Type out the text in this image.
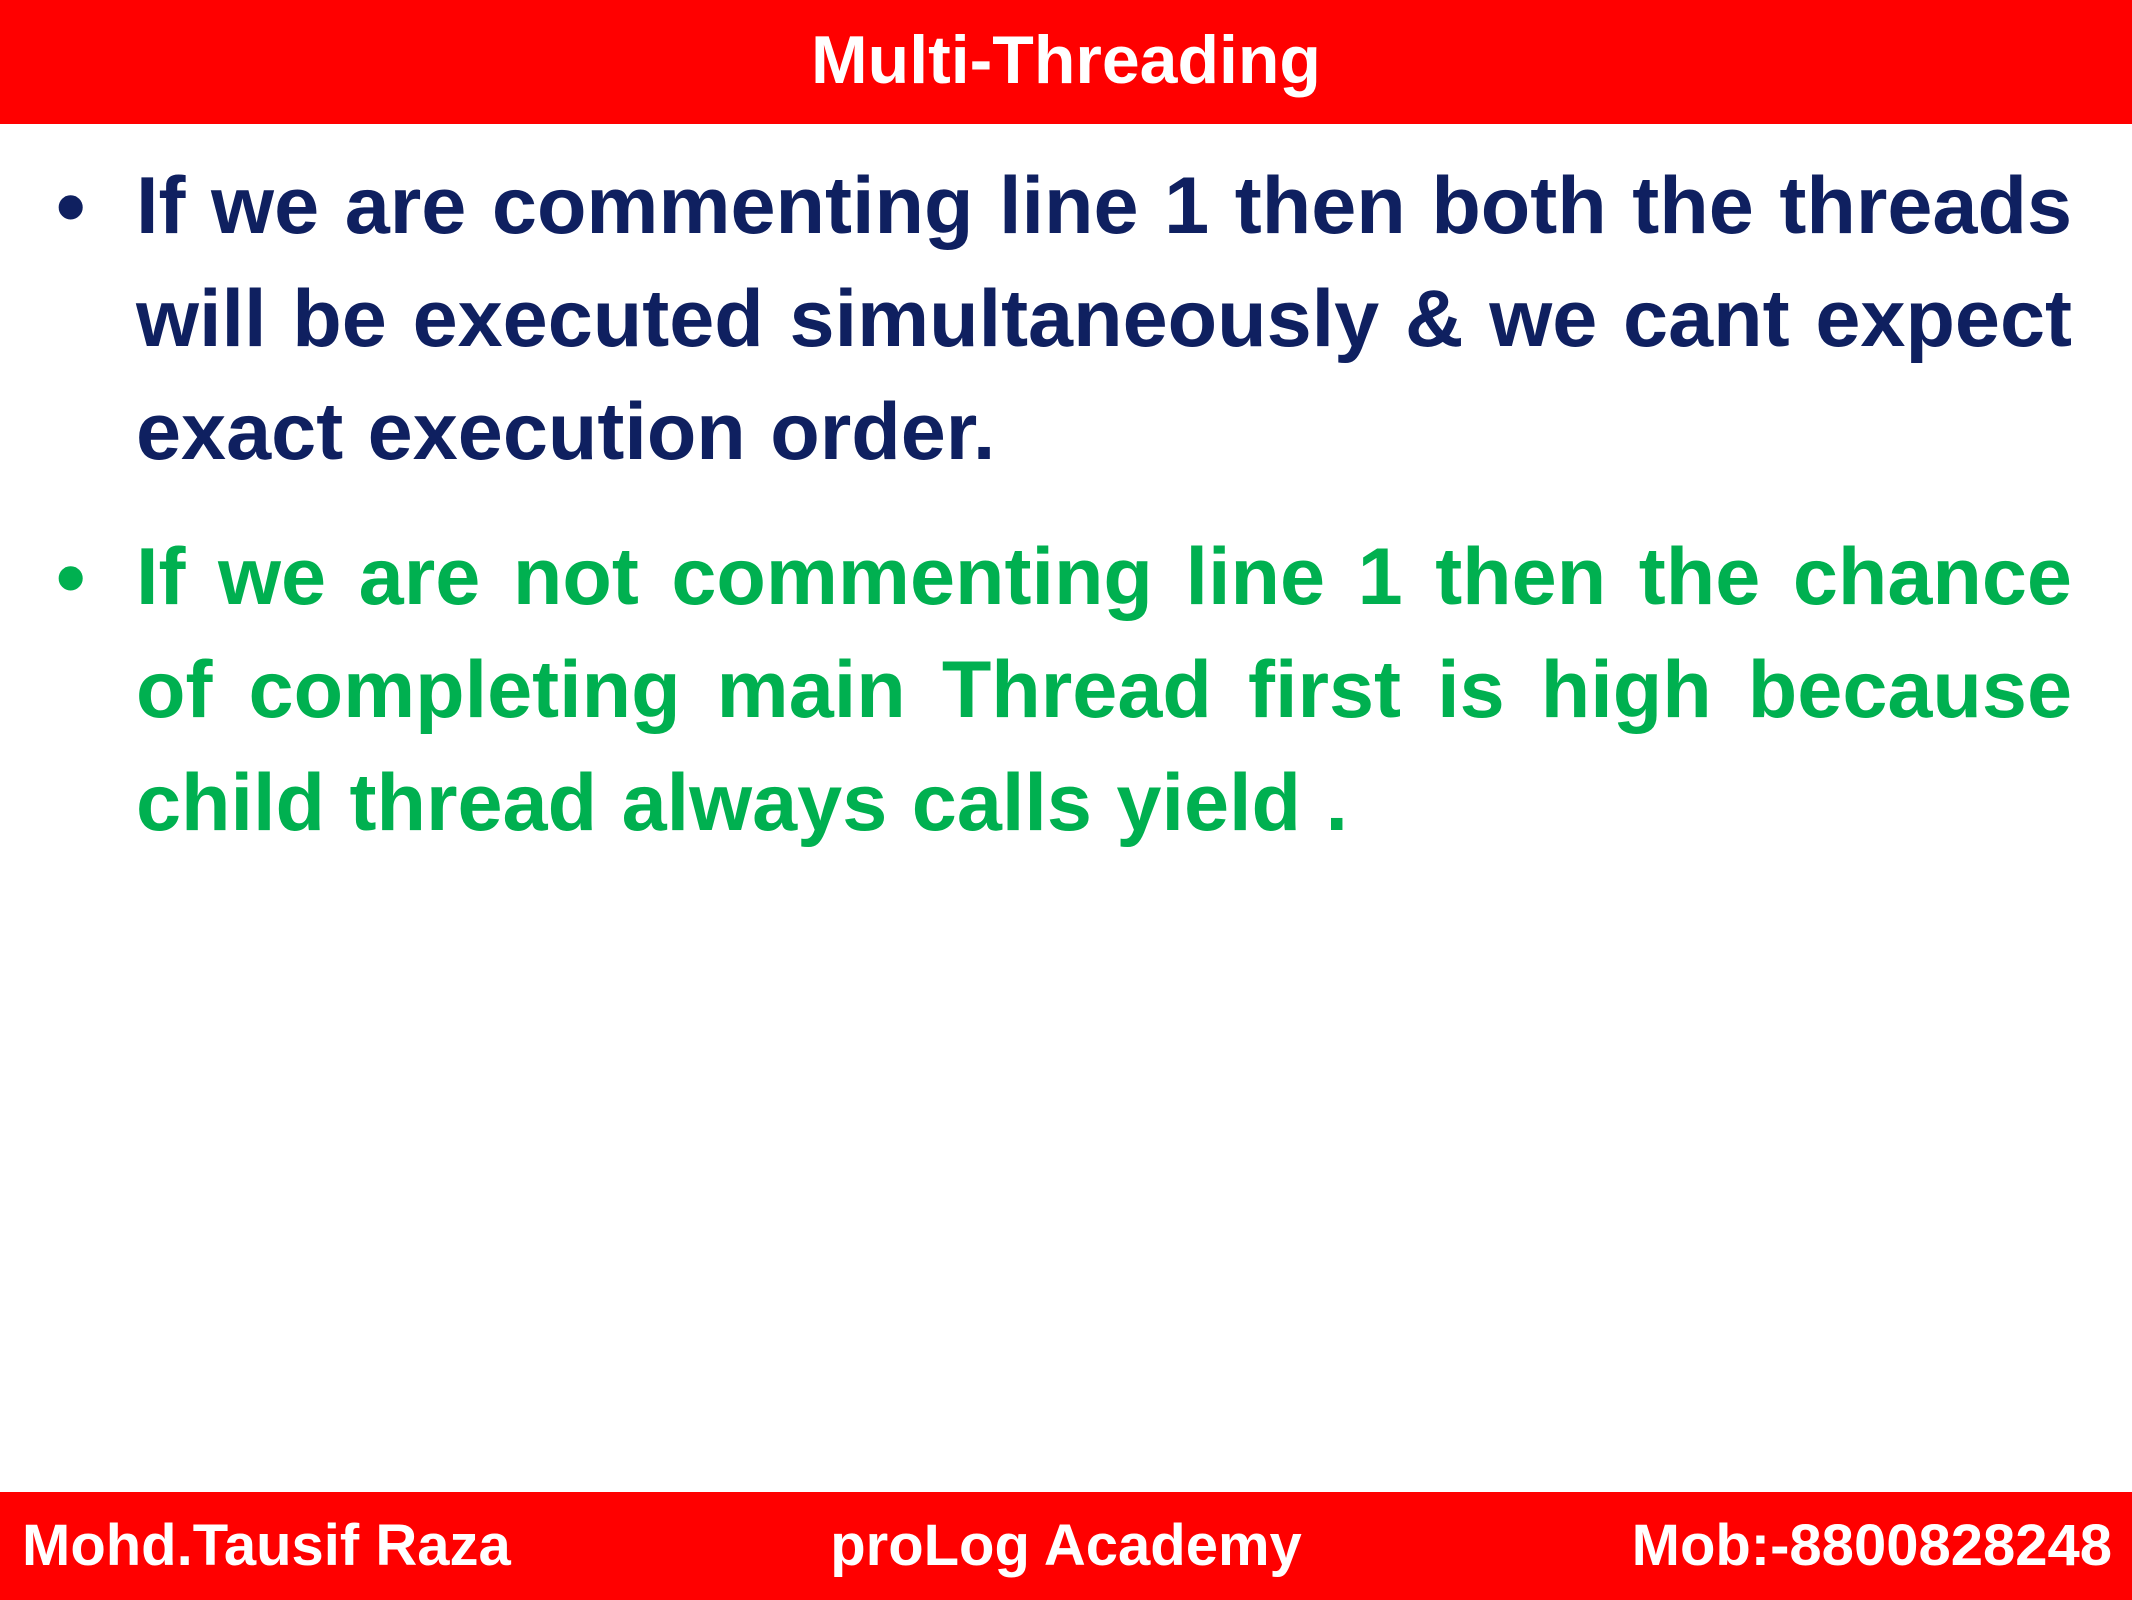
Multi-Threading
• If we are commenting line 1 then both the threads will be executed simultaneously & we cant expect exact execution order.
• If we are not commenting line 1 then the chance of completing main Thread first is high because child thread always calls yield .
proLog Academy
Mohd.Tausif Raza	Mob:-8800828248
